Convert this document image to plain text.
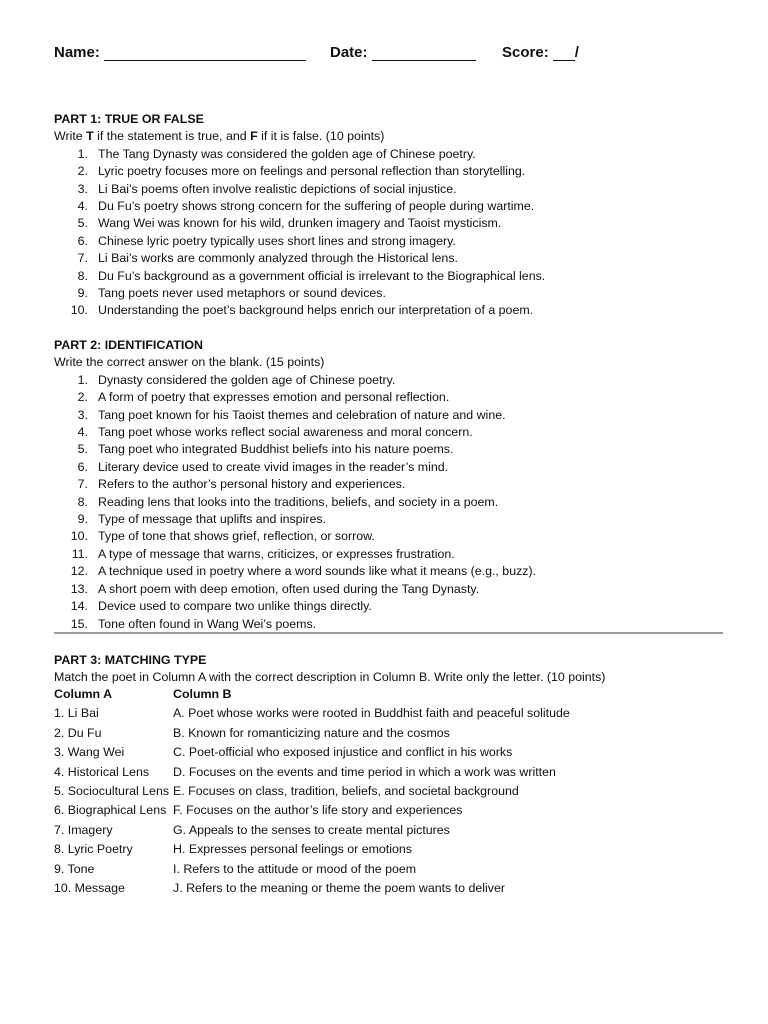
Name:	Date:	Score: /

PART 1: TRUE OR FALSE

Write T if the statement is true, and F if it is false. (10 points)

1. The Tang Dynasty was considered the golden age of Chinese poetry.
2. Lyric poetry focuses more on feelings and personal reflection than storytelling.
3. Li Bai’s poems often involve realistic depictions of social injustice.
4. Du Fu’s poetry shows strong concern for the suffering of people during wartime.
5. Wang Wei was known for his wild, drunken imagery and Taoist mysticism.
6. Chinese lyric poetry typically uses short lines and strong imagery.
7. Li Bai’s works are commonly analyzed through the Historical lens.
8. Du Fu’s background as a government official is irrelevant to the Biographical lens.
9. Tang poets never used metaphors or sound devices.
10. Understanding the poet’s background helps enrich our interpretation of a poem.

PART 2: IDENTIFICATION

Write the correct answer on the blank. (15 points)

1. Dynasty considered the golden age of Chinese poetry.
2. A form of poetry that expresses emotion and personal reflection.
3. Tang poet known for his Taoist themes and celebration of nature and wine.
4. Tang poet whose works reflect social awareness and moral concern.
5. Tang poet who integrated Buddhist beliefs into his nature poems.
6. Literary device used to create vivid images in the reader’s mind.
7. Refers to the author’s personal history and experiences.
8. Reading lens that looks into the traditions, beliefs, and society in a poem.
9. Type of message that uplifts and inspires.
10. Type of tone that shows grief, reflection, or sorrow.
11. A type of message that warns, criticizes, or expresses frustration.
12. A technique used in poetry where a word sounds like what it means (e.g., buzz).
13. A short poem with deep emotion, often used during the Tang Dynasty.
14. Device used to compare two unlike things directly.
15. Tone often found in Wang Wei’s poems.

PART 3: MATCHING TYPE

Match the poet in Column A with the correct description in Column B. Write only the letter. (10 points)

Column A	Column B
1. Li Bai	A. Poet whose works were rooted in Buddhist faith and peaceful solitude
2. Du Fu	B. Known for romanticizing nature and the cosmos
3. Wang Wei	C. Poet-official who exposed injustice and conflict in his works
4. Historical Lens	D. Focuses on the events and time period in which a work was written
5. Sociocultural Lens E. Focuses on class, tradition, beliefs, and societal background
6. Biographical Lens F. Focuses on the author’s life story and experiences
7. Imagery	G. Appeals to the senses to create mental pictures
8. Lyric Poetry	H. Expresses personal feelings or emotions
9. Tone	I. Refers to the attitude or mood of the poem
10. Message	J. Refers to the meaning or theme the poem wants to deliver
